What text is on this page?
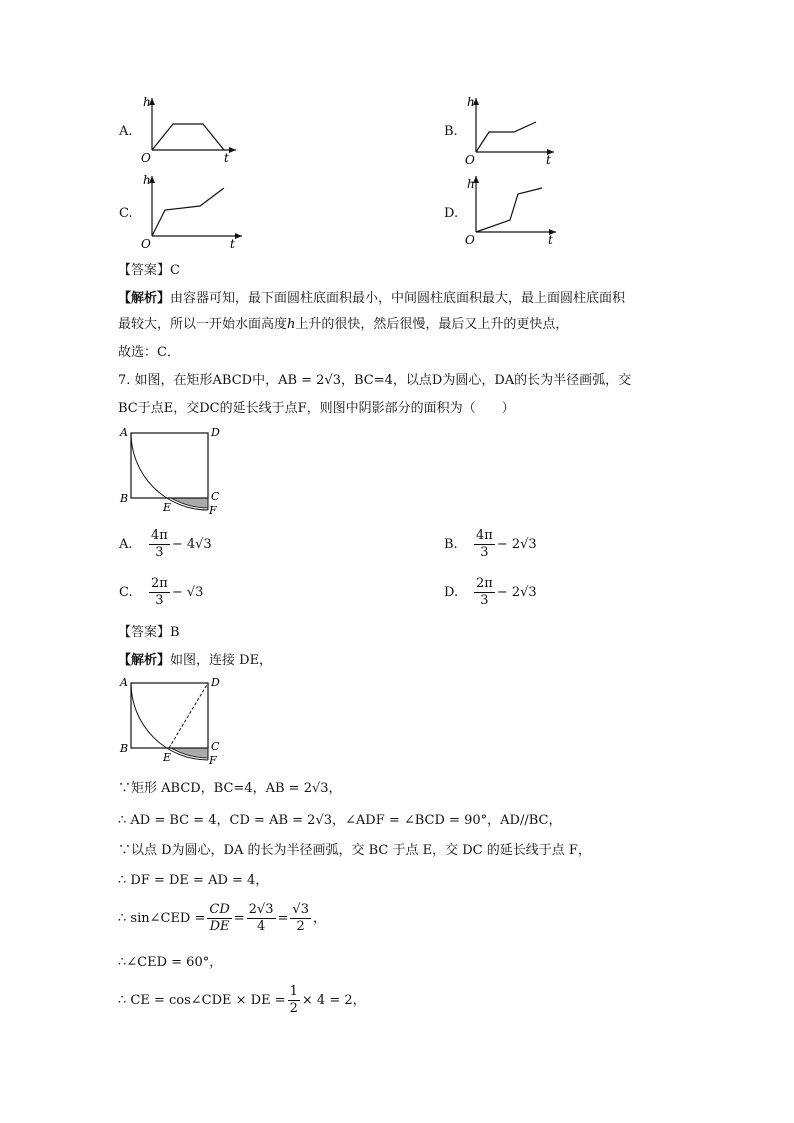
A.
h
t
O
B.
h
t
O
C.
h
t
O
D.
h
t
O
【答案】C
【解析】由容器可知，最下面圆柱底面积最小，中间圆柱底面积最大，最上面圆柱底面积
最较大，所以一开始水面高度h上升的很快，然后很慢，最后又上升的更快点，
故选：C．
7. 如图，在矩形ABCD中，AB = 2√3，BC=4，以点D为圆心，DA的长为半径画弧，交
BC于点E，交DC的延长线于点F，则图中阴影部分的面积为（　　）
A	D
B	C
E	F
A.	$\frac{4\pi}{3} - 4√3$	B.	$\frac{4\pi}{3} - 2√3$
C.	$\frac{2\pi}{3} - √3$	D.	$\frac{2\pi}{3} - 2√3$
【答案】B
【解析】如图，连接 DE，
A	D
B	C
E	F
∵矩形 ABCD，BC=4，AB = 2√3，
∴ AD = BC = 4，CD = AB = 2√3，∠ADF = ∠BCD = 90°，AD//BC，
∵以点 D为圆心，DA 的长为半径画弧，交 BC 于点 E，交 DC 的延长线于点 F，
∴ DF = DE = AD = 4，
∴ sin∠CED = $\frac{CD}{DE} = \frac{2√3}{4} = \frac{√3}{2}$ ，
∴∠CED = 60°，
∴ CE = cos∠CDE × DE = $\frac{1}{2} \times 4 = 2$，
